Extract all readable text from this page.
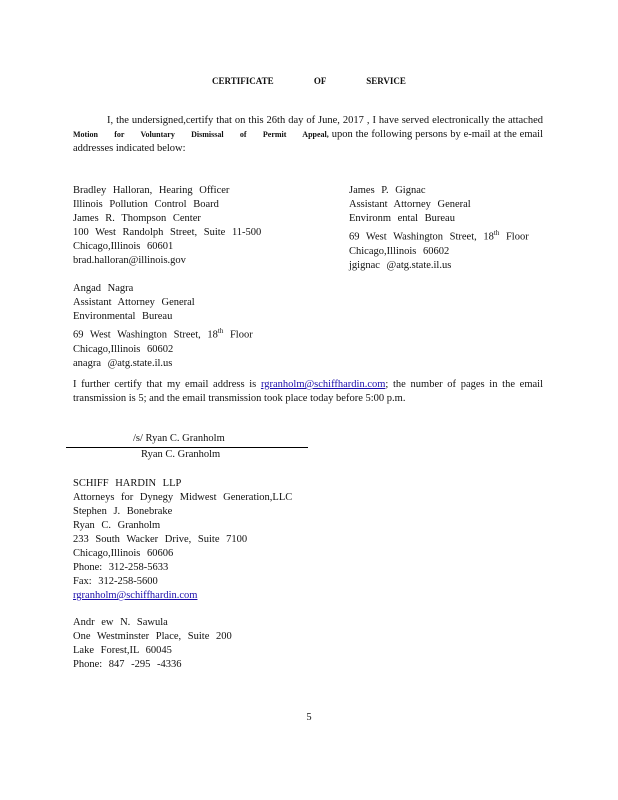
CERTIFICATE OF SERVICE
I, the undersigned,certify that on this 26th day of June, 2017 , I have served electronically the attached Motion for Voluntary Dismissal of Permit Appeal, upon the following persons by e-mail at the email addresses indicated below:
Bradley Halloran, Hearing Officer
Illinois Pollution Control Board
James R. Thompson Center
100 West Randolph Street, Suite 11-500
Chicago,Illinois 60601
brad.halloran@illinois.gov
James P. Gignac
Assistant Attorney General
Environm ental Bureau
69 West Washington Street, 18th Floor
Chicago,Illinois 60602
jgignac @atg.state.il.us
Angad Nagra
Assistant Attorney General
Environmental Bureau
69 West Washington Street, 18th Floor
Chicago,Illinois 60602
anagra @atg.state.il.us
I further certify that my email address is rgranholm@schiffhardin.com; the number of pages in the email transmission is 5; and the email transmission took place today before 5:00 p.m.
/s/ Ryan C. Granholm
Ryan C. Granholm
SCHIFF HARDIN LLP
Attorneys for Dynegy Midwest Generation,LLC
Stephen J. Bonebrake
Ryan C. Granholm
233 South Wacker Drive, Suite 7100
Chicago,Illinois 60606
Phone: 312-258-5633
Fax: 312-258-5600
rgranholm@schiffhardin.com
Andr ew N. Sawula
One Westminster Place, Suite 200
Lake Forest,IL 60045
Phone: 847 -295 -4336
5
